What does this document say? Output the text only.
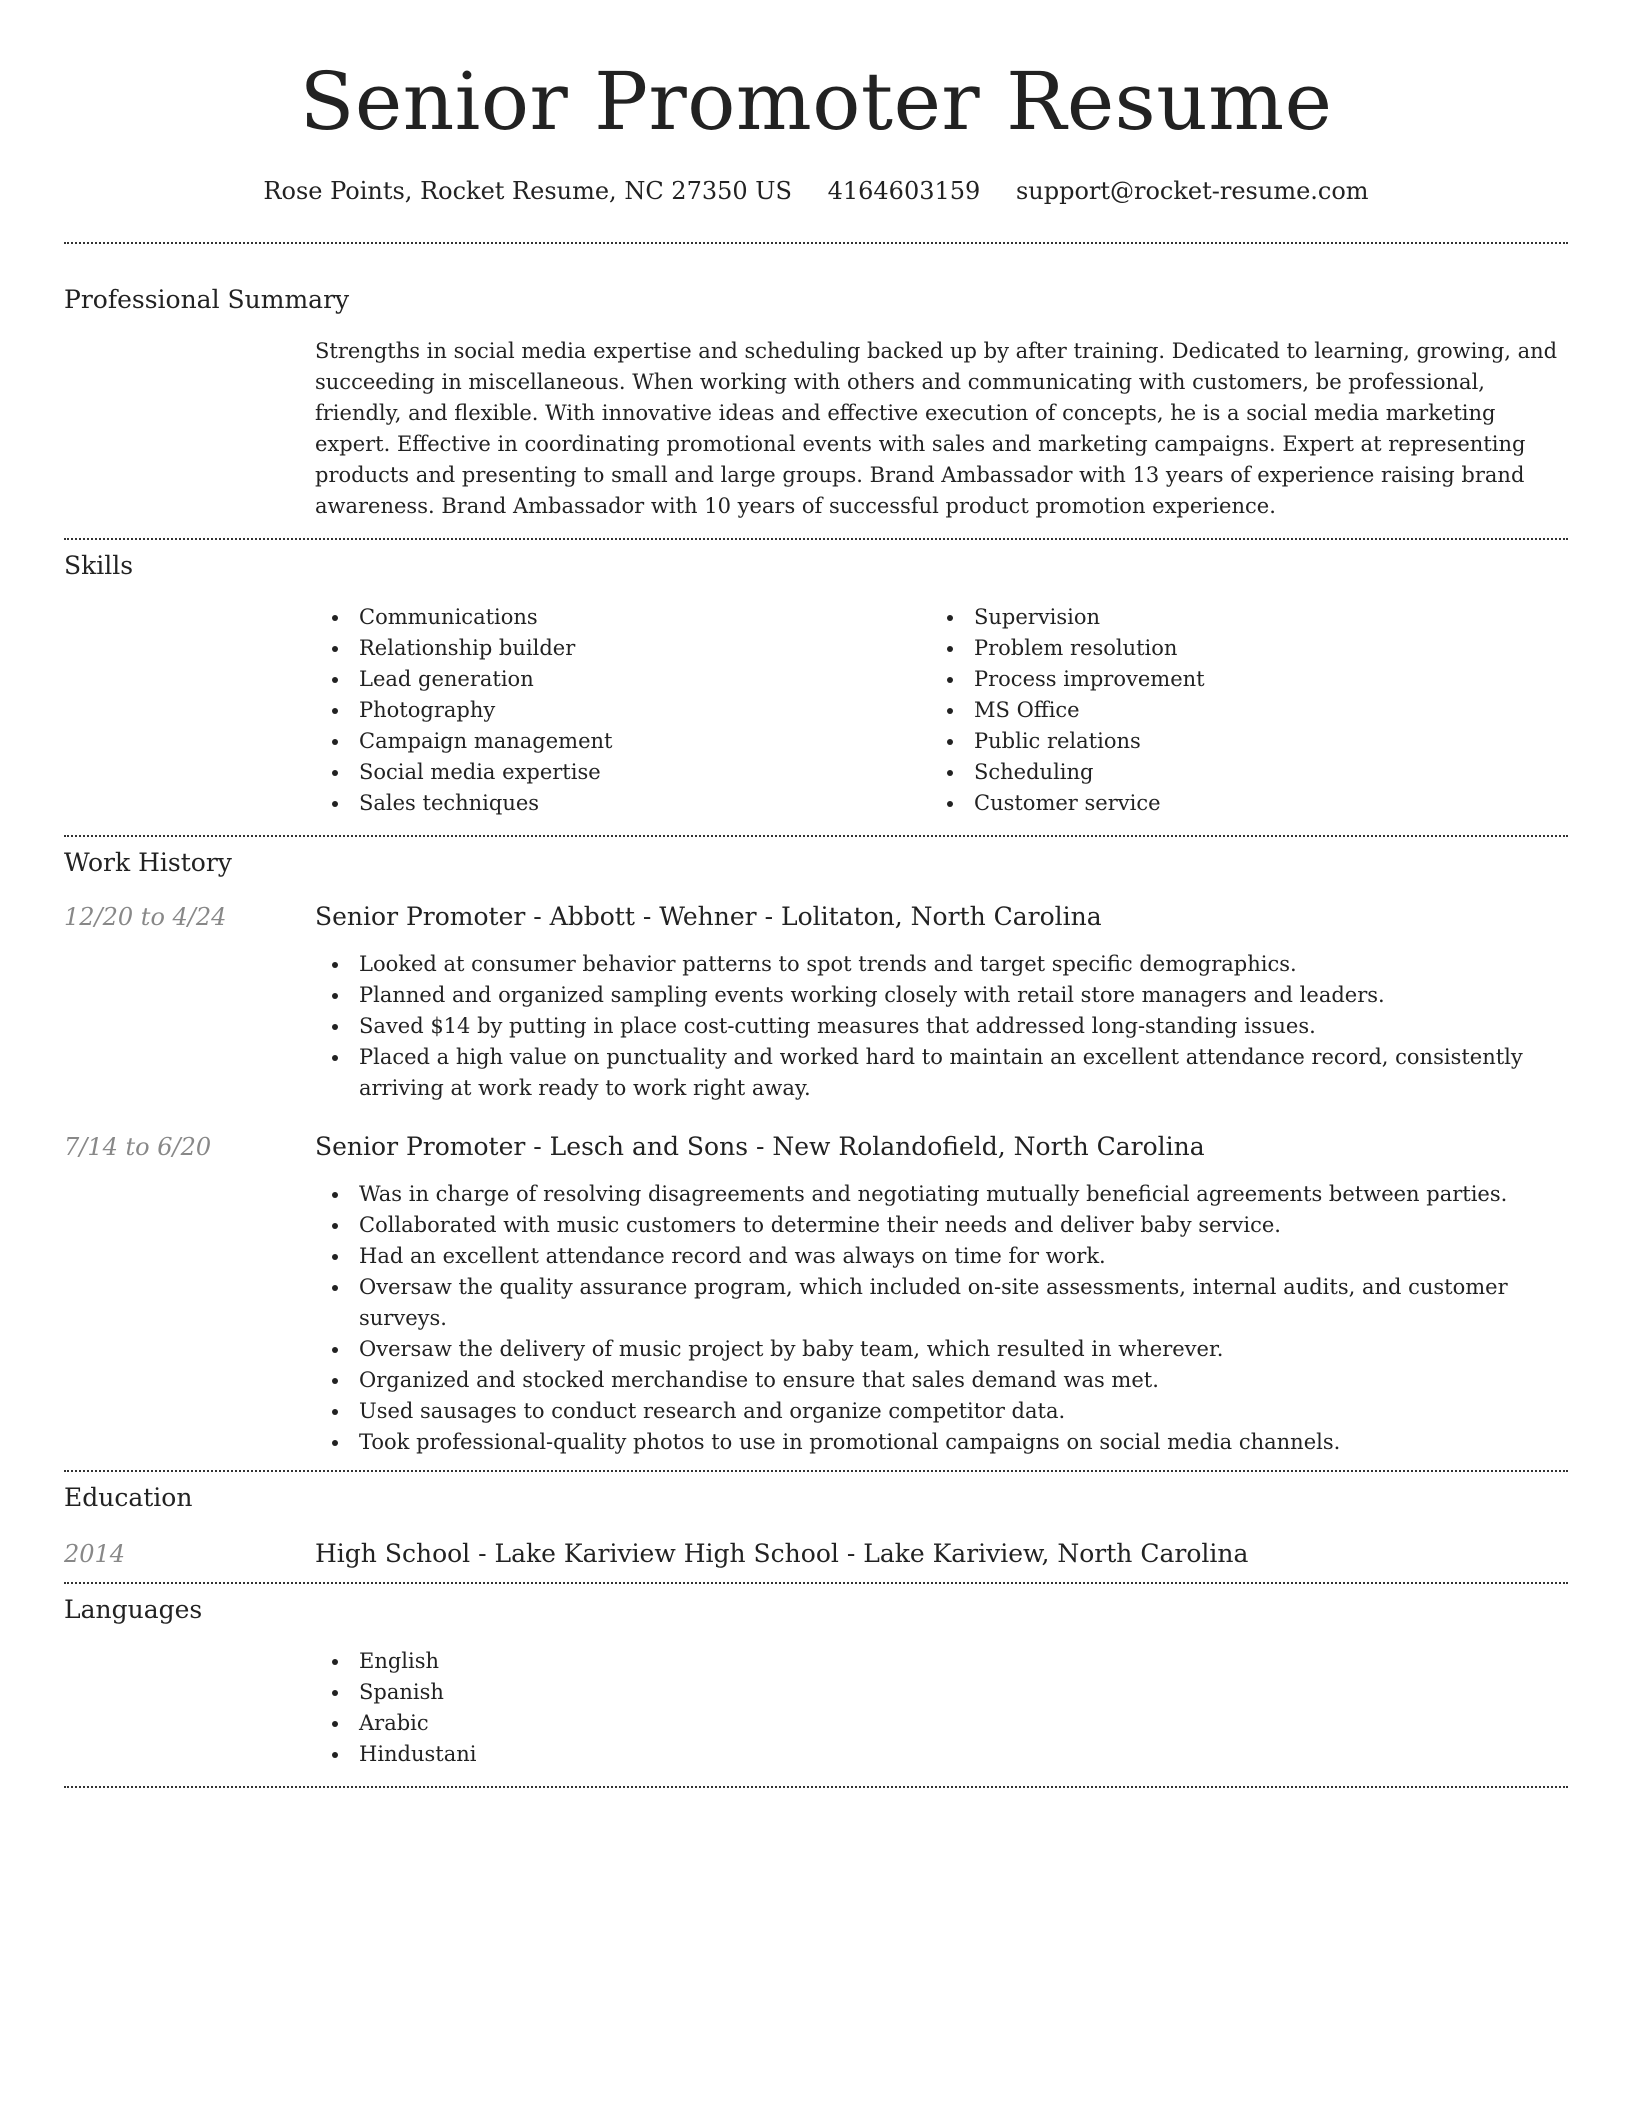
Senior Promoter Resume
Rose Points, Rocket Resume, NC 27350 US 4164603159 support@rocket-resume.com
Professional Summary

Strengths in social media expertise and scheduling backed up by after training. Dedicated to learning, growing, and succeeding in miscellaneous. When working with others and communicating with customers, be professional, friendly, and flexible. With innovative ideas and effective execution of concepts, he is a social media marketing expert. Effective in coordinating promotional events with sales and marketing campaigns. Expert at representing products and presenting to small and large groups. Brand Ambassador with 13 years of experience raising brand awareness. Brand Ambassador with 10 years of successful product promotion experience.

Skills
Communications
Relationship builder
Lead generation
Photography
Campaign management
Social media expertise
Sales techniques
Supervision
Problem resolution
Process improvement
MS Office
Public relations
Scheduling
Customer service
Work History
12/20 to 4/24	Senior Promoter - Abbott - Wehner - Lolitaton, North Carolina
Looked at consumer behavior patterns to spot trends and target specific demographics.
Planned and organized sampling events working closely with retail store managers and leaders.
Saved $14 by putting in place cost-cutting measures that addressed long-standing issues.
Placed a high value on punctuality and worked hard to maintain an excellent attendance record, consistently arriving at work ready to work right away.
7/14 to 6/20	Senior Promoter - Lesch and Sons - New Rolandofield, North Carolina
Was in charge of resolving disagreements and negotiating mutually beneficial agreements between parties.
Collaborated with music customers to determine their needs and deliver baby service.
Had an excellent attendance record and was always on time for work.
Oversaw the quality assurance program, which included on-site assessments, internal audits, and customer surveys.
Oversaw the delivery of music project by baby team, which resulted in wherever.
Organized and stocked merchandise to ensure that sales demand was met.
Used sausages to conduct research and organize competitor data.
Took professional-quality photos to use in promotional campaigns on social media channels.
Education
2014	High School - Lake Kariview High School - Lake Kariview, North Carolina
Languages
English
Spanish
Arabic
Hindustani
